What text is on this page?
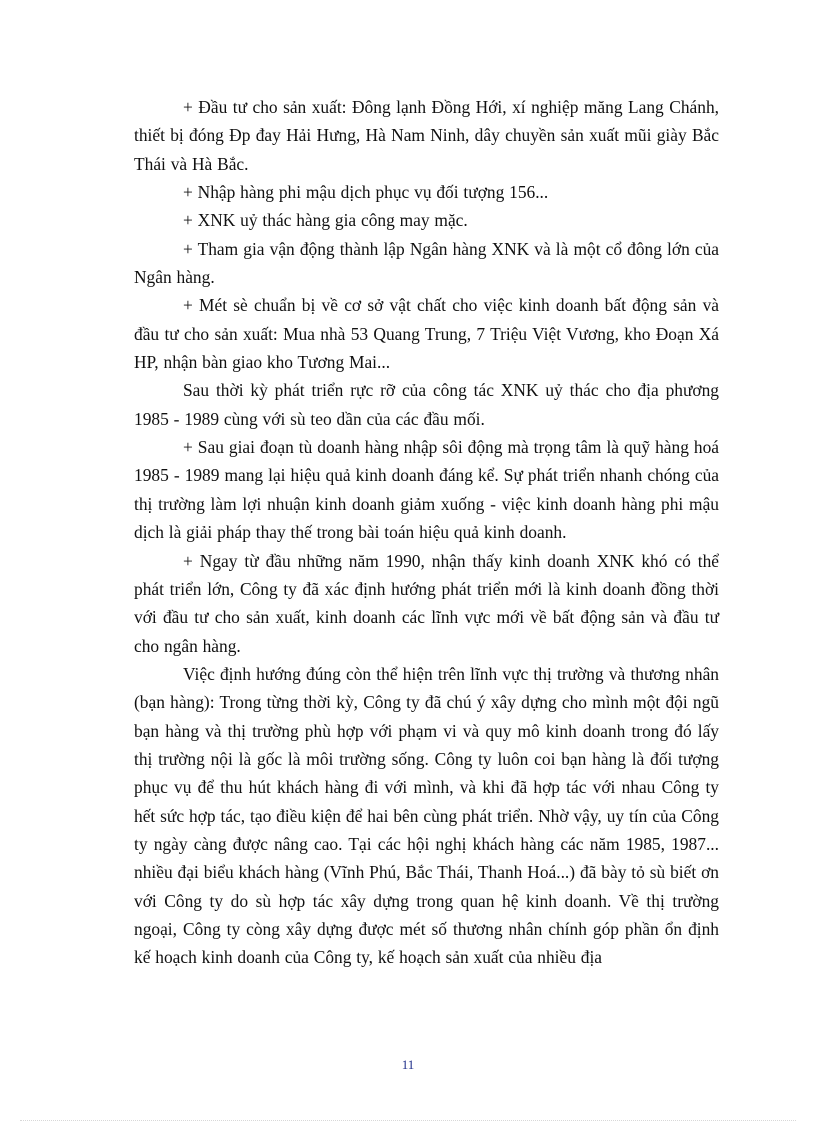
+ Đầu tư cho sản xuất: Đông lạnh Đồng Hới, xí nghiệp măng Lang Chánh, thiết bị đóng Đp đay Hải Hưng, Hà Nam Ninh, dây chuyền sản xuất mũi giày Bắc Thái và Hà Bắc.

+ Nhập hàng phi mậu dịch phục vụ đối tượng 156...

+ XNK uỷ thác hàng gia công may mặc.

+ Tham gia vận động thành lập Ngân hàng XNK và là một cổ đông lớn của Ngân hàng.

+ Mét sè chuẩn bị về cơ sở vật chất cho việc kinh doanh bất động sản và đầu tư cho sản xuất: Mua nhà 53 Quang Trung, 7 Triệu Việt Vương, kho Đoạn Xá HP, nhận bàn giao kho Tương Mai...

Sau thời kỳ phát triển rực rỡ của công tác XNK uỷ thác cho địa phương 1985 - 1989 cùng với sù teo dần của các đầu mối.

+ Sau giai đoạn tù doanh hàng nhập sôi động mà trọng tâm là quỹ hàng hoá 1985 - 1989 mang lại hiệu quả kinh doanh đáng kể. Sự phát triển nhanh chóng của thị trường làm lợi nhuận kinh doanh giảm xuống - việc kinh doanh hàng phi mậu dịch là giải pháp thay thế trong bài toán hiệu quả kinh doanh.

+ Ngay từ đầu những năm 1990, nhận thấy kinh doanh XNK khó có thể phát triển lớn, Công ty đã xác định hướng phát triển mới là kinh doanh đồng thời với đầu tư cho sản xuất, kinh doanh các lĩnh vực mới về bất động sản và đầu tư cho ngân hàng.

Việc định hướng đúng còn thể hiện trên lĩnh vực thị trường và thương nhân (bạn hàng): Trong từng thời kỳ, Công ty đã chú ý xây dựng cho mình một đội ngũ bạn hàng và thị trường phù hợp với phạm vi và quy mô kinh doanh trong đó lấy thị trường nội là gốc là môi trường sống. Công ty luôn coi bạn hàng là đối tượng phục vụ để thu hút khách hàng đi với mình, và khi đã hợp tác với nhau Công ty hết sức hợp tác, tạo điều kiện để hai bên cùng phát triển. Nhờ vậy, uy tín của Công ty ngày càng được nâng cao. Tại các hội nghị khách hàng các năm 1985, 1987... nhiều đại biểu khách hàng (Vĩnh Phú, Bắc Thái, Thanh Hoá...) đã bày tỏ sù biết ơn với Công ty do sù hợp tác xây dựng trong quan hệ kinh doanh. Về thị trường ngoại, Công ty còng xây dựng được mét số thương nhân chính góp phần ổn định kế hoạch kinh doanh của Công ty, kế hoạch sản xuất của nhiều địa

11
